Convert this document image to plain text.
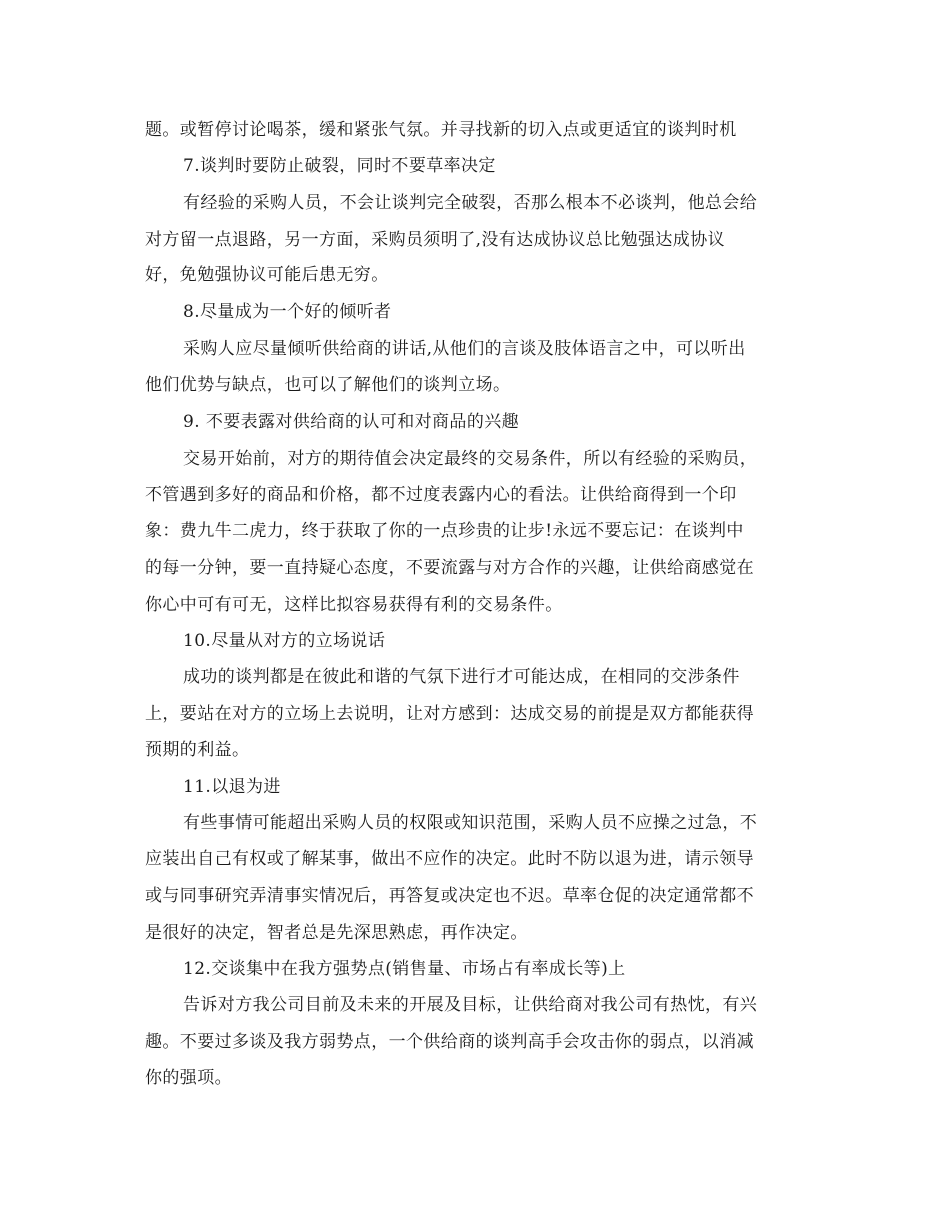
题。或暂停讨论喝茶，缓和紧张气氛。并寻找新的切入点或更适宜的谈判时机
7.谈判时要防止破裂，同时不要草率决定
有经验的采购人员，不会让谈判完全破裂，否那么根本不必谈判，他总会给
对方留一点退路，另一方面，采购员须明了,没有达成协议总比勉强达成协议
好，免勉强协议可能后患无穷。
8.尽量成为一个好的倾听者
采购人应尽量倾听供给商的讲话,从他们的言谈及肢体语言之中，可以听出
他们优势与缺点，也可以了解他们的谈判立场。
9. 不要表露对供给商的认可和对商品的兴趣
交易开始前，对方的期待值会决定最终的交易条件，所以有经验的采购员，
不管遇到多好的商品和价格，都不过度表露内心的看法。让供给商得到一个印
象：费九牛二虎力，终于获取了你的一点珍贵的让步!永远不要忘记：在谈判中
的每一分钟，要一直持疑心态度，不要流露与对方合作的兴趣，让供给商感觉在
你心中可有可无，这样比拟容易获得有利的交易条件。
10.尽量从对方的立场说话
成功的谈判都是在彼此和谐的气氛下进行才可能达成，在相同的交涉条件
上，要站在对方的立场上去说明，让对方感到：达成交易的前提是双方都能获得
预期的利益。
11.以退为进
有些事情可能超出采购人员的权限或知识范围，采购人员不应操之过急，不
应装出自己有权或了解某事，做出不应作的决定。此时不防以退为进，请示领导
或与同事研究弄清事实情况后，再答复或决定也不迟。草率仓促的决定通常都不
是很好的决定，智者总是先深思熟虑，再作决定。
12.交谈集中在我方强势点(销售量、市场占有率成长等)上
告诉对方我公司目前及未来的开展及目标，让供给商对我公司有热忱，有兴
趣。不要过多谈及我方弱势点，一个供给商的谈判高手会攻击你的弱点，以消减
你的强项。
